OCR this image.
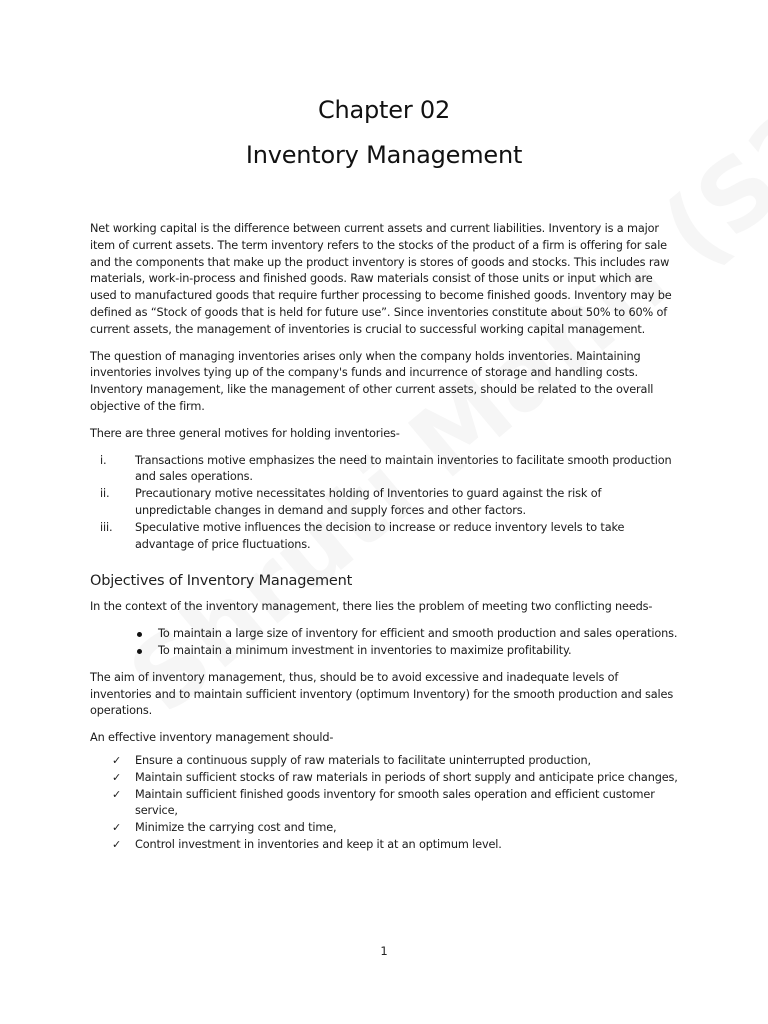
Chapter 02
Inventory Management

Net working capital is the difference between current assets and current liabilities. Inventory is a major item of current assets. The term inventory refers to the stocks of the product of a firm is offering for sale and the components that make up the product inventory is stores of goods and stocks. This includes raw materials, work-in-process and finished goods. Raw materials consist of those units or input which are used to manufactured goods that require further processing to become finished goods. Inventory may be defined as “Stock of goods that is held for future use”. Since inventories constitute about 50% to 60% of current assets, the management of inventories is crucial to successful working capital management.

The question of managing inventories arises only when the company holds inventories. Maintaining inventories involves tying up of the company's funds and incurrence of storage and handling costs. Inventory management, like the management of other current assets, should be related to the overall objective of the firm.

There are three general motives for holding inventories-

i.	Transactions motive emphasizes the need to maintain inventories to facilitate smooth production and sales operations.
ii.	Precautionary motive necessitates holding of Inventories to guard against the risk of unpredictable changes in demand and supply forces and other factors.
iii.	Speculative motive influences the decision to increase or reduce inventory levels to take advantage of price fluctuations.
Objectives of Inventory Management

In the context of the inventory management, there lies the problem of meeting two conflicting needs-

To maintain a large size of inventory for efficient and smooth production and sales operations.
To maintain a minimum investment in inventories to maximize profitability.

The aim of inventory management, thus, should be to avoid excessive and inadequate levels of inventories and to maintain sufficient inventory (optimum Inventory) for the smooth production and sales operations.

An effective inventory management should-

✓ Ensure a continuous supply of raw materials to facilitate uninterrupted production,
✓ Maintain sufficient stocks of raw materials in periods of short supply and anticipate price changes,
✓ Maintain sufficient finished goods inventory for smooth sales operation and efficient customer service,
✓ Minimize the carrying cost and time,
✓ Control investment in inventories and keep it at an optimum level.
1
